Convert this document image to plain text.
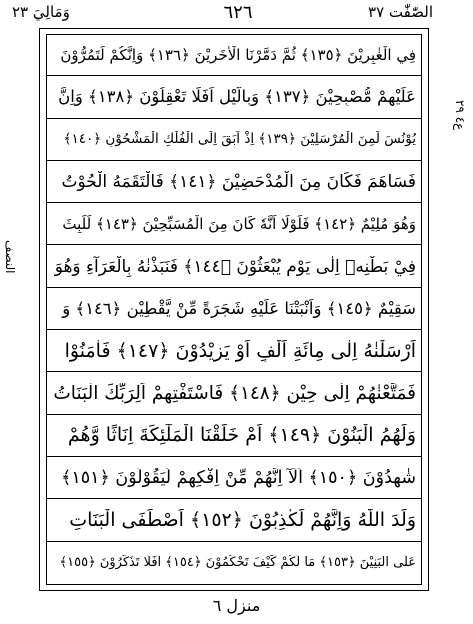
وَمَالِيَ ٢٣	٦٢٦	الصّٰفّٰت ٣٧
النصف
ع٤ ٢٩
فِي الْغٰبِرِيْنَ ﴿١٣٥﴾ ثُمَّ دَمَّرْنَا الْاٰخَرِيْنَ ﴿١٣٦﴾ وَاِنَّكُمْ لَتَمُرُّوْنَ
عَلَيْهِمْ مُّصْبِحِيْنَ ﴿١٣٧﴾ وَبِالَّيْلِ اَفَلَا تَعْقِلُوْنَ ﴿١٣٨﴾ وَاِنَّ
يُوْنُسَ لَمِنَ الْمُرْسَلِيْنَ ﴿١٣٩﴾ اِذْ اَبَقَ اِلَى الْفُلْكِ الْمَشْحُوْنِ ﴿١٤٠﴾
فَسَاهَمَ فَكَانَ مِنَ الْمُدْحَضِيْنَ ﴿١٤١﴾ فَالْتَقَمَهُ الْحُوْتُ
وَهُوَ مُلِيْمٌ ﴿١٤٢﴾ فَلَوْلَا اَنَّهٗ كَانَ مِنَ الْمُسَبِّحِيْنَ ﴿١٤٣﴾ لَلَبِثَ
فِيْ بَطْنِهٖ اِلٰى يَوْمِ يُبْعَثُوْنَ ﴿١٤٤﴾ فَنَبَذْنٰهُ بِالْعَرَآءِ وَهُوَ
سَقِيْمٌ ﴿١٤٥﴾ وَاَنْبَتْنَا عَلَيْهِ شَجَرَةً مِّنْ يَّقْطِيْنٍ ﴿١٤٦﴾ وَ
اَرْسَلْنٰهُ اِلٰى مِائَةِ اَلْفٍ اَوْ يَزِيْدُوْنَ ﴿١٤٧﴾ فَاٰمَنُوْا
فَمَتَّعْنٰهُمْ اِلٰى حِيْنٍ ﴿١٤٨﴾ فَاسْتَفْتِهِمْ اَلِرَبِّكَ الْبَنَاتُ
وَلَهُمُ الْبَنُوْنَ ﴿١٤٩﴾ اَمْ خَلَقْنَا الْمَلٰٓئِكَةَ اِنَاثًا وَّهُمْ
شٰهِدُوْنَ ﴿١٥٠﴾ اَلَآ اِنَّهُمْ مِّنْ اِفْكِهِمْ لَيَقُوْلُوْنَ ﴿١٥١﴾
وَلَدَ اللّٰهُ وَاِنَّهُمْ لَكٰذِبُوْنَ ﴿١٥٢﴾ اَصْطَفَى الْبَنَاتِ
عَلَى الْبَنِيْنَ ﴿١٥٣﴾ مَا لَكُمْ كَيْفَ تَحْكُمُوْنَ ﴿١٥٤﴾ اَفَلَا تَذَكَّرُوْنَ ﴿١٥٥﴾
منزل ٦
